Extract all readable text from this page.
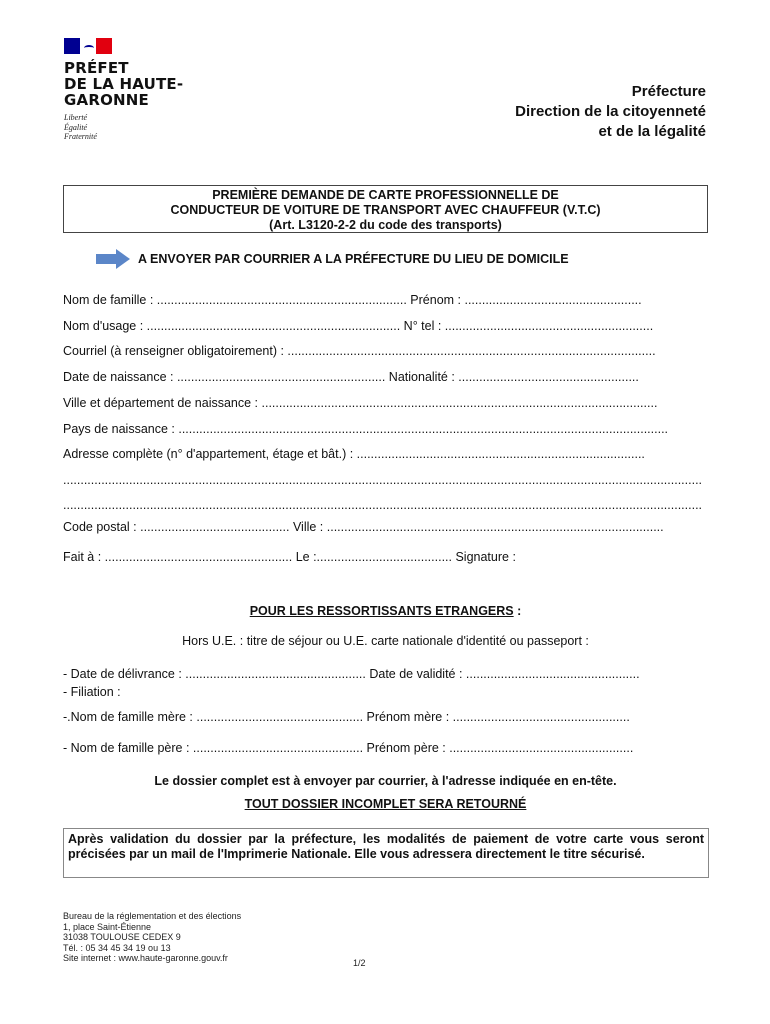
PRÉFET
DE LA HAUTE-
GARONNE
Liberté
Égalité
Fraternité
Préfecture
Direction de la citoyenneté
et de la légalité
PREMIÈRE DEMANDE DE CARTE PROFESSIONNELLE DE
CONDUCTEUR DE VOITURE DE TRANSPORT AVEC CHAUFFEUR (V.T.C)
(Art. L3120-2-2 du code des transports)
A ENVOYER PAR COURRIER A LA PRÉFECTURE DU LIEU DE DOMICILE
Nom de famille : ........................................................................ Prénom : ...................................................
Nom d'usage : ......................................................................... N° tel : ............................................................
Courriel (à renseigner obligatoirement) : ..........................................................................................................
Date de naissance : ............................................................ Nationalité : ....................................................
Ville et département de naissance : ..................................................................................................................
Pays de naissance : .............................................................................................................................................
Adresse complète (n° d'appartement, étage et bât.) : ...................................................................................
........................................................................................................................................................................................
........................................................................................................................................................................................
Code postal : ........................................... Ville : .................................................................................................
Fait à : ...................................................... Le :....................................... Signature :
POUR LES RESSORTISSANTS ETRANGERS :
Hors U.E. : titre de séjour ou U.E. carte nationale d'identité ou passeport :
- Date de délivrance : .................................................... Date de validité : ..................................................
- Filiation :
-.Nom de famille mère : ................................................ Prénom mère : ...................................................
- Nom de famille père : ................................................. Prénom père : .....................................................
Le dossier complet est à envoyer par courrier, à l'adresse indiquée en en-tête.
TOUT DOSSIER INCOMPLET SERA RETOURNÉ
Après validation du dossier par la préfecture, les modalités de paiement de votre carte vous seront précisées par un mail de l'Imprimerie Nationale. Elle vous adressera directement le titre sécurisé.
Bureau de la réglementation et des élections
1, place Saint-Étienne
31038 TOULOUSE CEDEX 9
Tél. : 05 34 45 34 19 ou 13
Site internet : www.haute-garonne.gouv.fr	1/2
